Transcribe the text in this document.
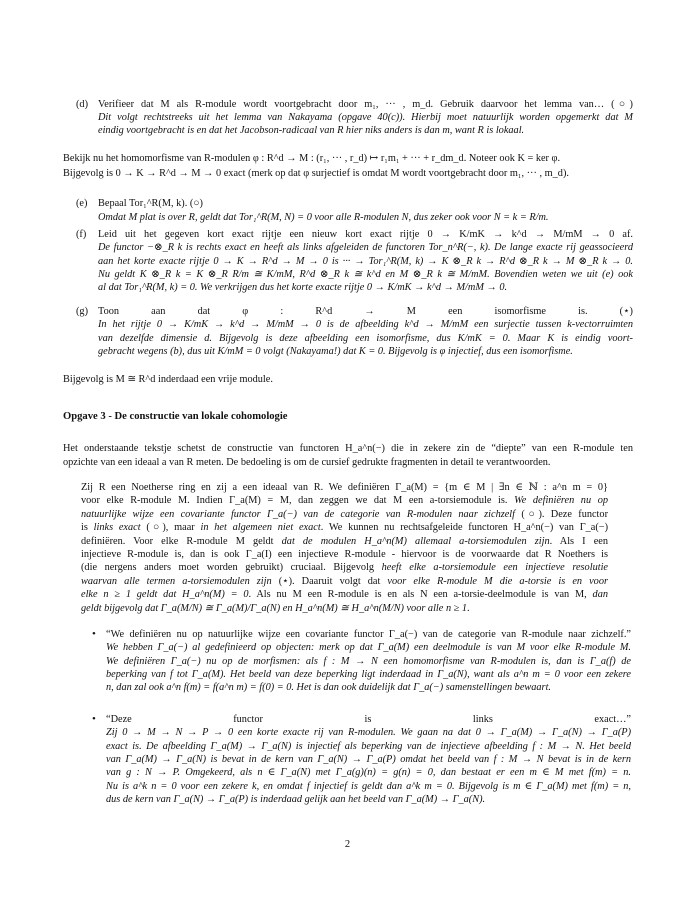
(d) Verifieer dat M als R-module wordt voortgebracht door m₁, ··· , m_d. Gebruik daarvoor het lemma van… (○)
Dit volgt rechtstreeks uit het lemma van Nakayama (opgave 40(c)). Hierbij moet natuurlijk worden opgemerkt dat M
eindig voortgebracht is en dat het Jacobson-radicaal van R hier niks anders is dan m, want R is lokaal.
Bekijk nu het homomorfisme van R-modulen φ : R^d → M : (r₁, ··· , r_d) ↦ r₁m₁ + ··· + r_dm_d. Noteer ook K = ker φ.
Bijgevolg is 0 → K → R^d → M → 0 exact (merk op dat φ surjectief is omdat M wordt voortgebracht door m₁, ··· , m_d).
(e) Bepaal Tor₁^R(M, k). (○)
Omdat M plat is over R, geldt dat Tor₁^R(M, N) = 0 voor alle R-modulen N, dus zeker ook voor N = k = R/m.
(f) Leid uit het gegeven kort exact rijtje een nieuw kort exact rijtje 0 → K/mK → k^d → M/mM → 0 af.
De functor −⊗_R k is rechts exact en heeft als links afgeleiden de functoren Tor_n^R(−, k). De lange exacte rij geassocieerd
aan het korte exacte rijtje 0 → K → R^d → M → 0 is ··· → Tor₁^R(M, k) → K ⊗_R k → R^d ⊗_R k → M ⊗_R k → 0.
Nu geldt K ⊗_R k = K ⊗_R R/m ≅ K/mM, R^d ⊗_R k ≅ k^d en M ⊗_R k ≅ M/mM. Bovendien weten we uit (e) ook
al dat Tor₁^R(M, k) = 0. We verkrijgen dus het korte exacte rijtje 0 → K/mK → k^d → M/mM → 0.
(g) Toon aan dat φ : R^d → M een isomorfisme is. (⋆)
In het rijtje 0 → K/mK → k^d → M/mM → 0 is de afbeelding k^d → M/mM een surjectie tussen k-vectorruimten
van dezelfde dimensie d. Bijgevolg is deze afbeelding een isomorfisme, dus K/mK = 0. Maar K is eindig voort-
gebracht wegens (b), dus uit K/mM = 0 volgt (Nakayama!) dat K = 0. Bijgevolg is φ injectief, dus een isomorfisme.
Bijgevolg is M ≅ R^d inderdaad een vrije module.
Opgave 3 - De constructie van lokale cohomologie
Het onderstaande tekstje schetst de constructie van functoren H_a^n(−) die in zekere zin de “diepte” van een R-module ten
opzichte van een ideaal a van R meten. De bedoeling is om de cursief gedrukte fragmenten in detail te verantwoorden.
Zij R een Noetherse ring en zij a een ideaal van R. We definiëren Γ_a(M) = {m ∈ M | ∃n ∈ ℕ : a^n m = 0}
voor elke R-module M. Indien Γ_a(M) = M, dan zeggen we dat M een a-torsiemodule is. We definiëren nu op
natuurlijke wijze een covariante functor Γ_a(−) van de categorie van R-modulen naar zichzelf (○). Deze functor
is links exact (○), maar in het algemeen niet exact. We kunnen nu rechtsafgeleide functoren H_a^n(−) van Γ_a(−)
definiëren. Voor elke R-module M geldt dat de modulen H_a^n(M) allemaal a-torsiemodulen zijn. Als I een
injectieve R-module is, dan is ook Γ_a(I) een injectieve R-module - hiervoor is de voorwaarde dat R Noethers is
(die nergens anders moet worden gebruikt) cruciaal. Bijgevolg heeft elke a-torsiemodule een injectieve resolutie
waarvan alle termen a-torsiemodulen zijn (⋆). Daaruit volgt dat voor elke R-module M die a-torsie is en voor
elke n ≥ 1 geldt dat H_a^n(M) = 0. Als nu M een R-module is en als N een a-torsie-deelmodule is van M, dan
geldt bijgevolg dat Γ_a(M/N) ≅ Γ_a(M)/Γ_a(N) en H_a^n(M) ≅ H_a^n(M/N) voor alle n ≥ 1.
• “We definiëren nu op natuurlijke wijze een covariante functor Γ_a(−) van de categorie van R-module naar zichzelf.”
We hebben Γ_a(−) al gedefinieerd op objecten: merk op dat Γ_a(M) een deelmodule is van M voor elke R-module M.
We definiëren Γ_a(−) nu op de morfismen: als f : M → N een homomorfisme van R-modulen is, dan is Γ_a(f) de
beperking van f tot Γ_a(M). Het beeld van deze beperking ligt inderdaad in Γ_a(N), want als a^n m = 0 voor een zekere
n, dan zal ook a^n f(m) = f(a^n m) = f(0) = 0. Het is dan ook duidelijk dat Γ_a(−) samenstellingen bewaart.
• “Deze functor is links exact…”
Zij 0 → M → N → P → 0 een korte exacte rij van R-modulen. We gaan na dat 0 → Γ_a(M) → Γ_a(N) → Γ_a(P)
exact is. De afbeelding Γ_a(M) → Γ_a(N) is injectief als beperking van de injectieve afbeelding f : M → N. Het beeld
van Γ_a(M) → Γ_a(N) is bevat in de kern van Γ_a(N) → Γ_a(P) omdat het beeld van f : M → N bevat is in de kern
van g : N → P. Omgekeerd, als n ∈ Γ_a(N) met Γ_a(g)(n) = g(n) = 0, dan bestaat er een m ∈ M met f(m) = n.
Nu is a^k n = 0 voor een zekere k, en omdat f injectief is geldt dan a^k m = 0. Bijgevolg is m ∈ Γ_a(M) met f(m) = n,
dus de kern van Γ_a(N) → Γ_a(P) is inderdaad gelijk aan het beeld van Γ_a(M) → Γ_a(N).
2
